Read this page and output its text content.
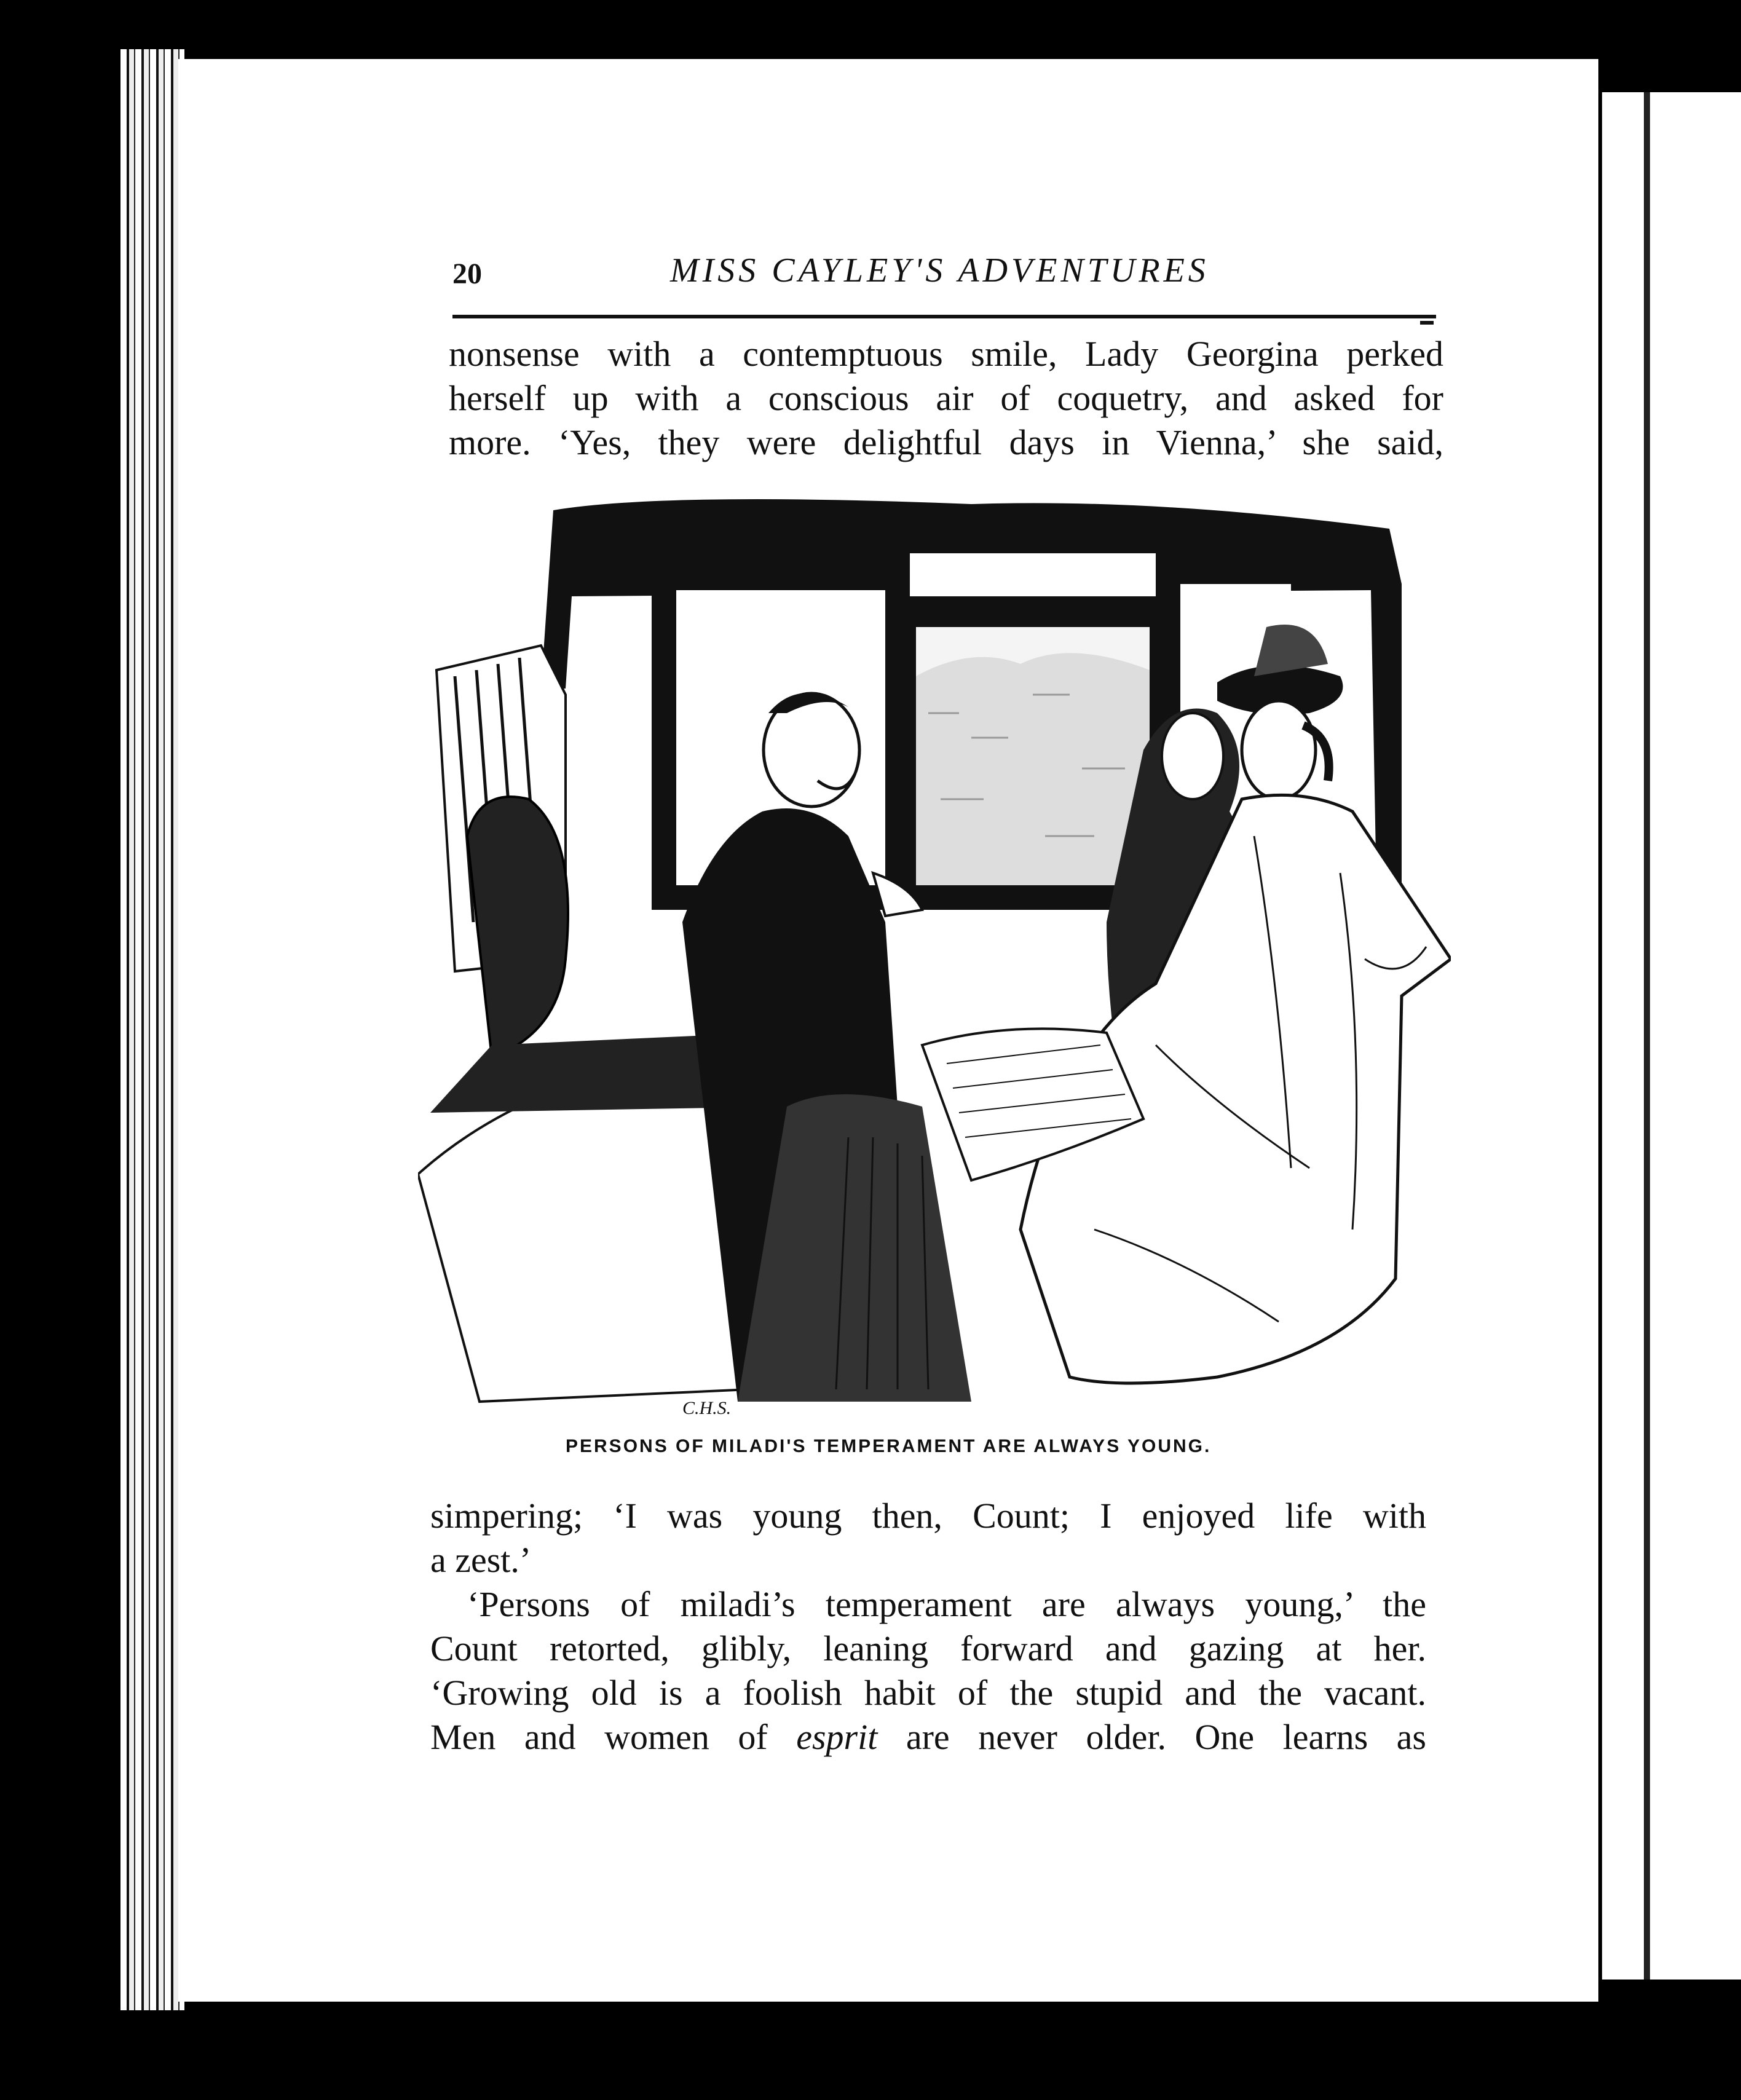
20	MISS CAYLEY'S ADVENTURES
nonsense with a contemptuous smile, Lady Georgina perked
herself up with a conscious air of coquetry, and asked for
more. ‘Yes, they were delightful days in Vienna,’ she said,
C.H.S.
PERSONS OF MILADI'S TEMPERAMENT ARE ALWAYS YOUNG.
simpering; ‘I was young then, Count; I enjoyed life with
a zest.’
‘Persons of miladi’s temperament are always young,’ the
Count retorted, glibly, leaning forward and gazing at her.
‘Growing old is a foolish habit of the stupid and the vacant.
Men and women of esprit are never older. One learns as
